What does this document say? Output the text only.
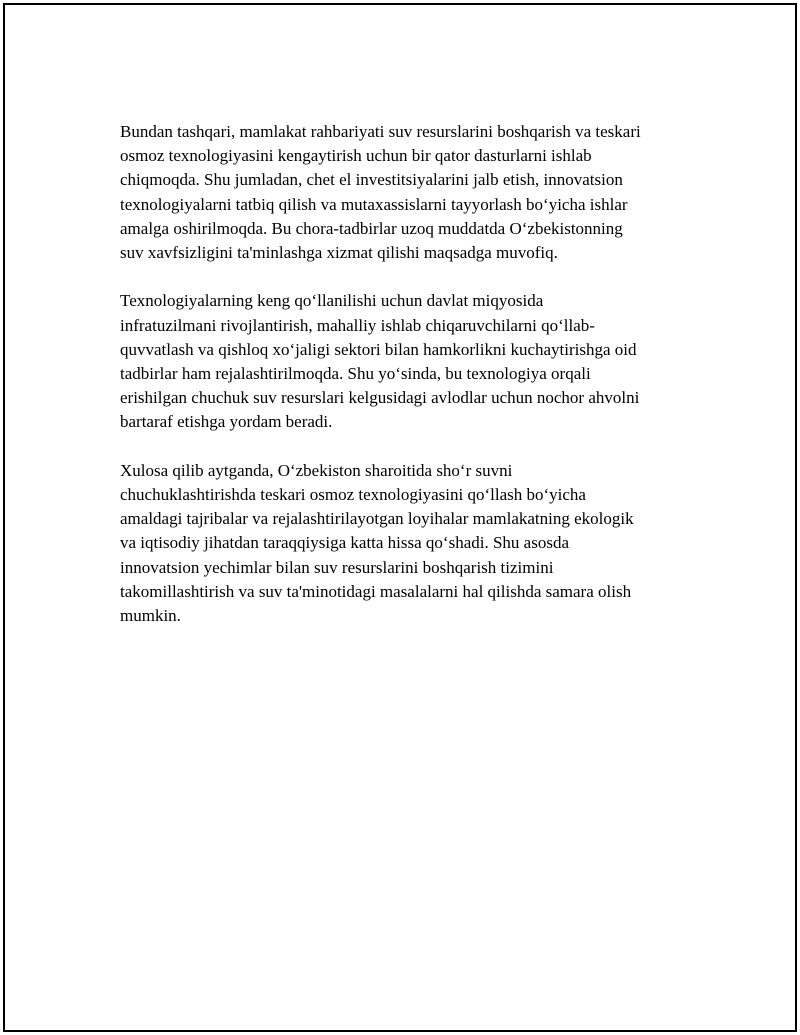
Bundan tashqari, mamlakat rahbariyati suv resurslarini boshqarish va teskari
osmoz texnologiyasini kengaytirish uchun bir qator dasturlarni ishlab
chiqmoqda. Shu jumladan, chet el investitsiyalarini jalb etish, innovatsion
texnologiyalarni tatbiq qilish va mutaxassislarni tayyorlash boʻyicha ishlar
amalga oshirilmoqda. Bu chora-tadbirlar uzoq muddatda Oʻzbekistonning
suv xavfsizligini ta'minlashga xizmat qilishi maqsadga muvofiq.

Texnologiyalarning keng qoʻllanilishi uchun davlat miqyosida
infratuzilmani rivojlantirish, mahalliy ishlab chiqaruvchilarni qoʻllab-
quvvatlash va qishloq xoʻjaligi sektori bilan hamkorlikni kuchaytirishga oid
tadbirlar ham rejalashtirilmoqda. Shu yoʻsinda, bu texnologiya orqali
erishilgan chuchuk suv resurslari kelgusidagi avlodlar uchun nochor ahvolni
bartaraf etishga yordam beradi.

Xulosa qilib aytganda, Oʻzbekiston sharoitida shoʻr suvni
chuchuklashtirishda teskari osmoz texnologiyasini qoʻllash boʻyicha
amaldagi tajribalar va rejalashtirilayotgan loyihalar mamlakatning ekologik
va iqtisodiy jihatdan taraqqiysiga katta hissa qoʻshadi. Shu asosda
innovatsion yechimlar bilan suv resurslarini boshqarish tizimini
takomillashtirish va suv ta'minotidagi masalalarni hal qilishda samara olish
mumkin.
